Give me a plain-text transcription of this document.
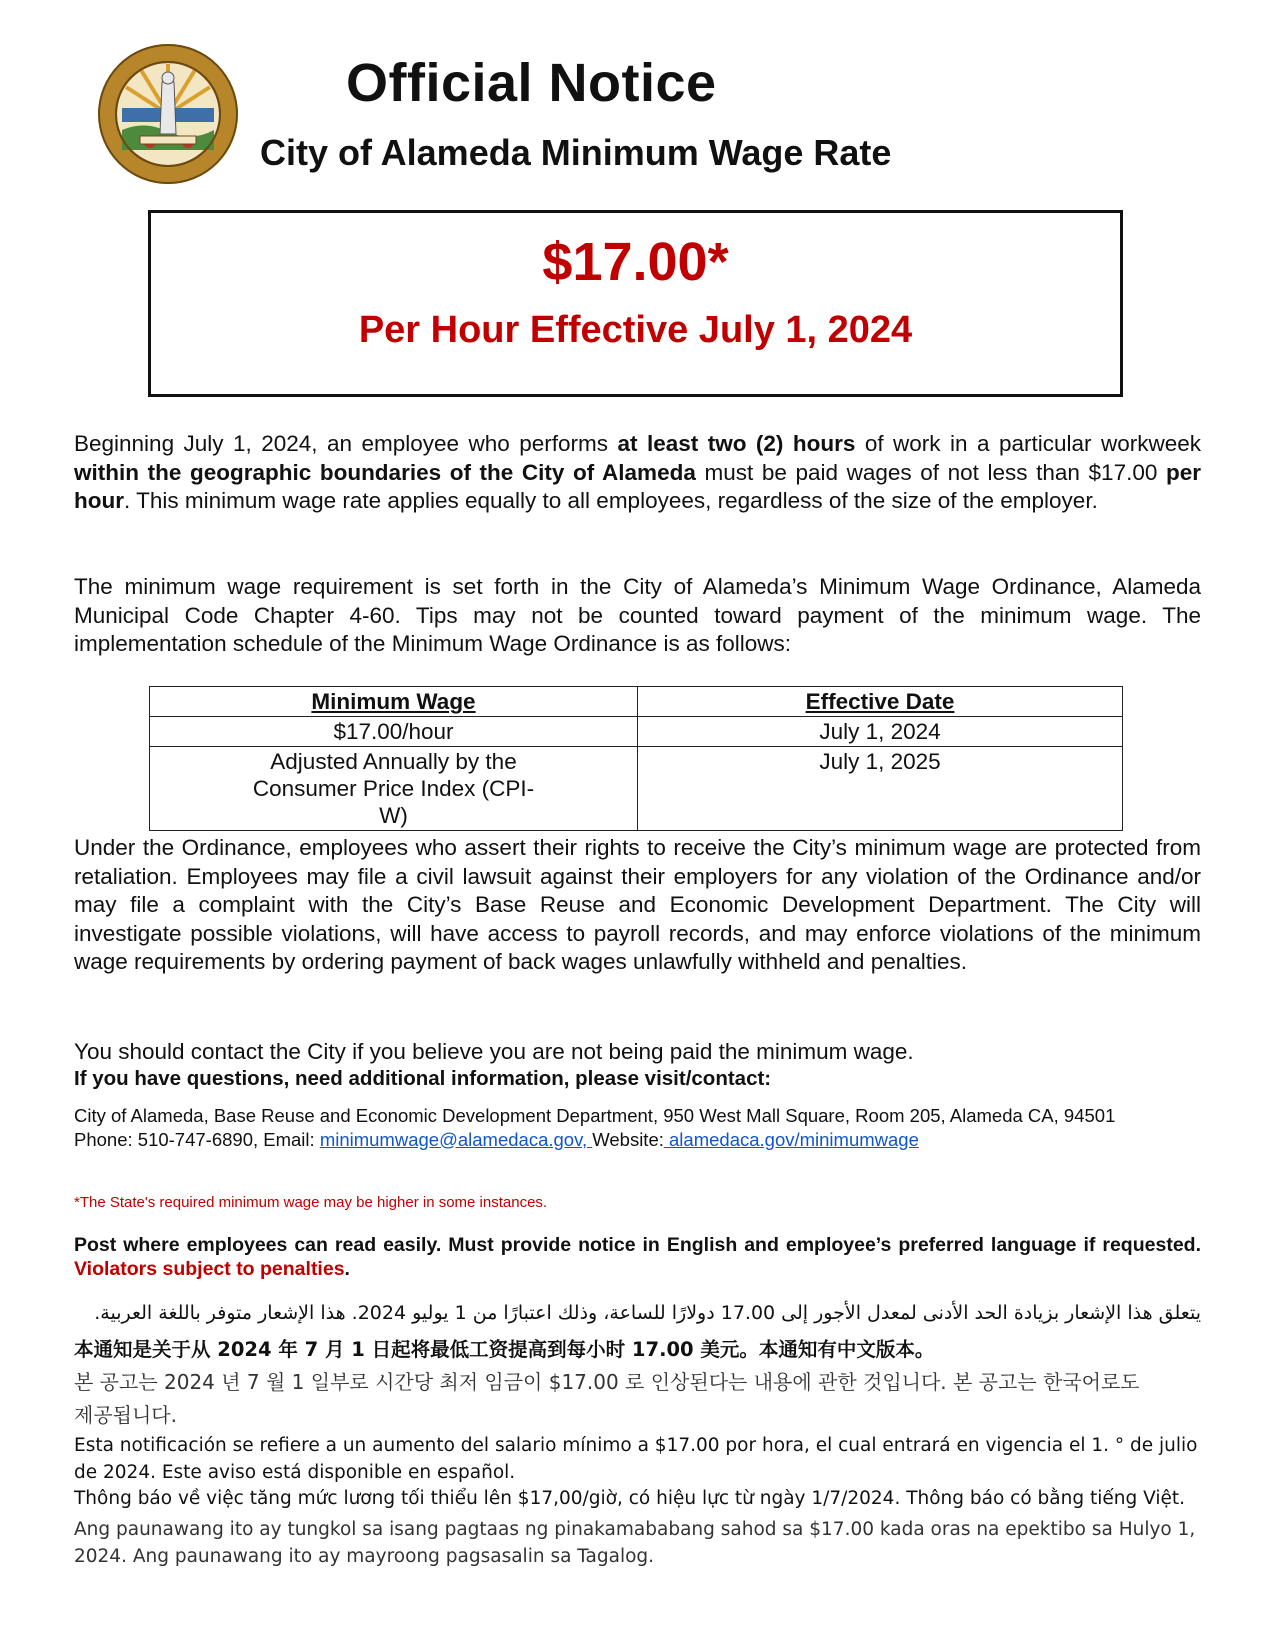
Official Notice
City of Alameda Minimum Wage Rate
$17.00*
Per Hour Effective July 1, 2024

Beginning July 1, 2024, an employee who performs at least two (2) hours of work in a particular workweek within the geographic boundaries of the City of Alameda must be paid wages of not less than $17.00 per hour. This minimum wage rate applies equally to all employees, regardless of the size of the employer.

The minimum wage requirement is set forth in the City of Alameda’s Minimum Wage Ordinance, Alameda Municipal Code Chapter 4-60. Tips may not be counted toward payment of the minimum wage. The implementation schedule of the Minimum Wage Ordinance is as follows:

Minimum Wage	Effective Date
$17.00/hour	July 1, 2024

Adjusted Annually by the Consumer Price Index (CPI-W)	July 1, 2025

Under the Ordinance, employees who assert their rights to receive the City’s minimum wage are protected from retaliation. Employees may file a civil lawsuit against their employers for any violation of the Ordinance and/or may file a complaint with the City’s Base Reuse and Economic Development Department. The City will investigate possible violations, will have access to payroll records, and may enforce violations of the minimum wage requirements by ordering payment of back wages unlawfully withheld and penalties.

You should contact the City if you believe you are not being paid the minimum wage.

If you have questions, need additional information, please visit/contact:

City of Alameda, Base Reuse and Economic Development Department, 950 West Mall Square, Room 205, Alameda CA, 94501
Phone: 510-747-6890, Email: minimumwage@alamedaca.gov, Website: alamedaca.gov/minimumwage
*The State's required minimum wage may be higher in some instances.

Post where employees can read easily. Must provide notice in English and employee’s preferred language if requested. Violators subject to penalties.

يتعلق هذا الإشعار بزيادة الحد الأدنى لمعدل الأجور إلى 17.00 دولارًا للساعة، وذلك اعتبارًا من 1 يوليو 2024. هذا الإشعار متوفر باللغة العربية.
本通知是关于从 2024 年 7 月 1 日起将最低工资提高到每小时 17.00 美元。本通知有中文版本。
본 공고는 2024 년 7 월 1 일부로 시간당 최저 임금이 $17.00 로 인상된다는 내용에 관한 것입니다. 본 공고는 한국어로도 제공됩니다.
Esta notificación se refiere a un aumento del salario mínimo a $17.00 por hora, el cual entrará en vigencia el 1. ° de julio de 2024. Este aviso está disponible en español.
Thông báo về việc tăng mức lương tối thiểu lên $17,00/giờ, có hiệu lực từ ngày 1/7/2024. Thông báo có bằng tiếng Việt.
Ang paunawang ito ay tungkol sa isang pagtaas ng pinakamababang sahod sa $17.00 kada oras na epektibo sa Hulyo 1, 2024. Ang paunawang ito ay mayroong pagsasalin sa Tagalog.
